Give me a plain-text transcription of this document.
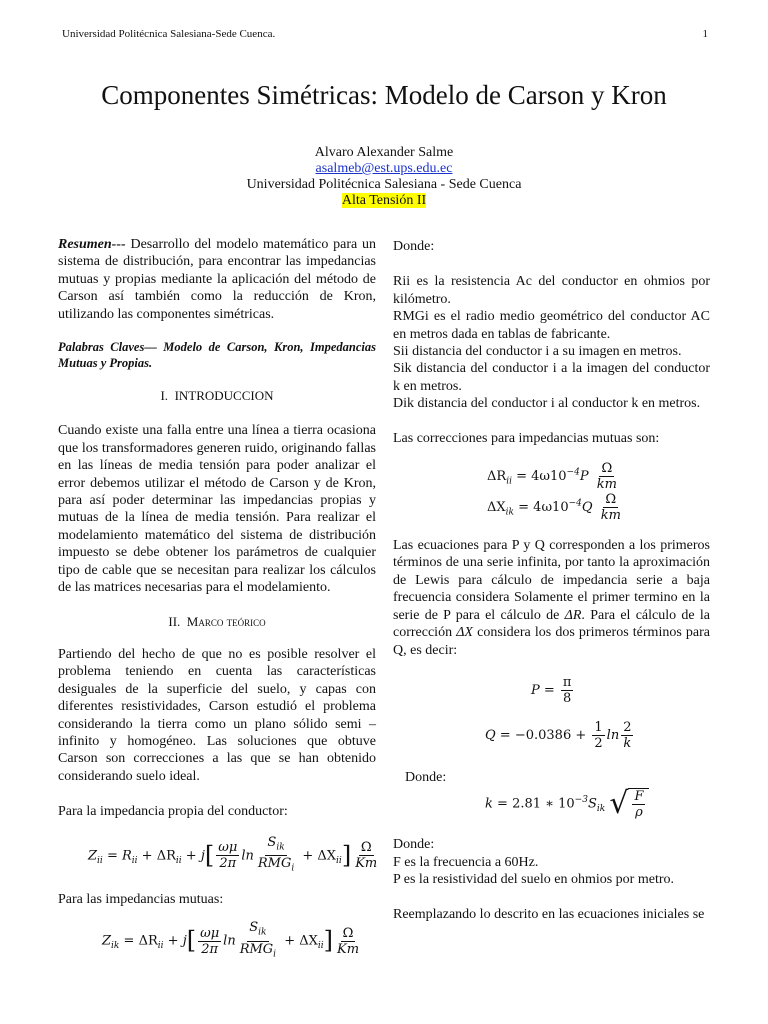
Universidad Politécnica Salesiana-Sede Cuenca.	1
Componentes Simétricas: Modelo de Carson y Kron
Alvaro Alexander Salme
asalmeb@est.ups.edu.ec
Universidad Politécnica Salesiana - Sede Cuenca
Alta Tensión II

Resumen--- Desarrollo del modelo matemático para un sistema de distribución, para encontrar las impedancias mutuas y propias mediante la aplicación del método de Carson así también como la reducción de Kron, utilizando las componentes simétricas.

Palabras Claves— Modelo de Carson, Kron, Impedancias Mutuas y Propias.

I. INTRODUCCION

Cuando existe una falla entre una línea a tierra ocasiona que los transformadores generen ruido, originando fallas en las líneas de media tensión para poder analizar el error debemos utilizar el método de Carson y de Kron, para así poder determinar las impedancias propias y mutuas de la línea de media tensión. Para realizar el modelamiento matemático del sistema de distribución impuesto se debe obtener los parámetros de cualquier tipo de cable que se necesitan para realizar los cálculos de las matrices necesarias para el modelamiento.

II. Marco teórico

Partiendo del hecho de que no es posible resolver el problema teniendo en cuenta las características desiguales de la superficie del suelo, y capas con diferentes resistividades, Carson estudió el problema considerando la tierra como un plano sólido semi – infinito y homogéneo. Las soluciones que obtuve Carson son correcciones a las que se han obtenido considerando suelo ideal.

Para la impedancia propia del conductor:

$Z_{ii} = R_{ii} + \Delta R_{ii} + j[ \frac{\omega\mu}{2\pi}$ $\ln \frac{S_{ik}}{RMG_i} + \Delta X_{ii}] \frac{\Omega}{Km}$

Para las impedancias mutuas:

$Z_{ik} = \Delta R_{ii} + j[ \frac{\omega\mu}{2\pi}$ $\ln \frac{S_{ik}}{RMG_i} + \Delta X_{ii}] \frac{\Omega}{Km}$

Donde:

Rii es la resistencia Ac del conductor en ohmios por kilómetro.

RMGi es el radio medio geométrico del conductor AC en metros dada en tablas de fabricante.

Sii distancia del conductor i a su imagen en metros.

Sik distancia del conductor i a la imagen del conductor k en metros.

Dik distancia del conductor i al conductor k en metros.

Las correcciones para impedancias mutuas son:

$\Delta R_{ii} = 4\omega 10^{-4}P \frac{\Omega}{km}$
$\Delta X_{ik} = 4\omega 10^{-4}Q \frac{\Omega}{km}$

Las ecuaciones para P y Q corresponden a los primeros términos de una serie infinita, por tanto la aproximación de Lewis para cálculo de impedancia serie a baja frecuencia considera Solamente el primer termino en la serie de P para el cálculo de ΔR. Para el cálculo de la corrección ΔX considera los dos primeros términos para Q, es decir:

$P = \frac{\pi}{8}$
$Q = -0.0386 + \frac{1}{2}$ $\ln \frac{2}{k}$

Donde:

k = 2.81 ∗ $10^{-3}S_{ik}$ √ $\frac{F}{\rho}$

Donde:

F es la frecuencia a 60Hz.

P es la resistividad del suelo en ohmios por metro.

Reemplazando lo descrito en las ecuaciones iniciales se
